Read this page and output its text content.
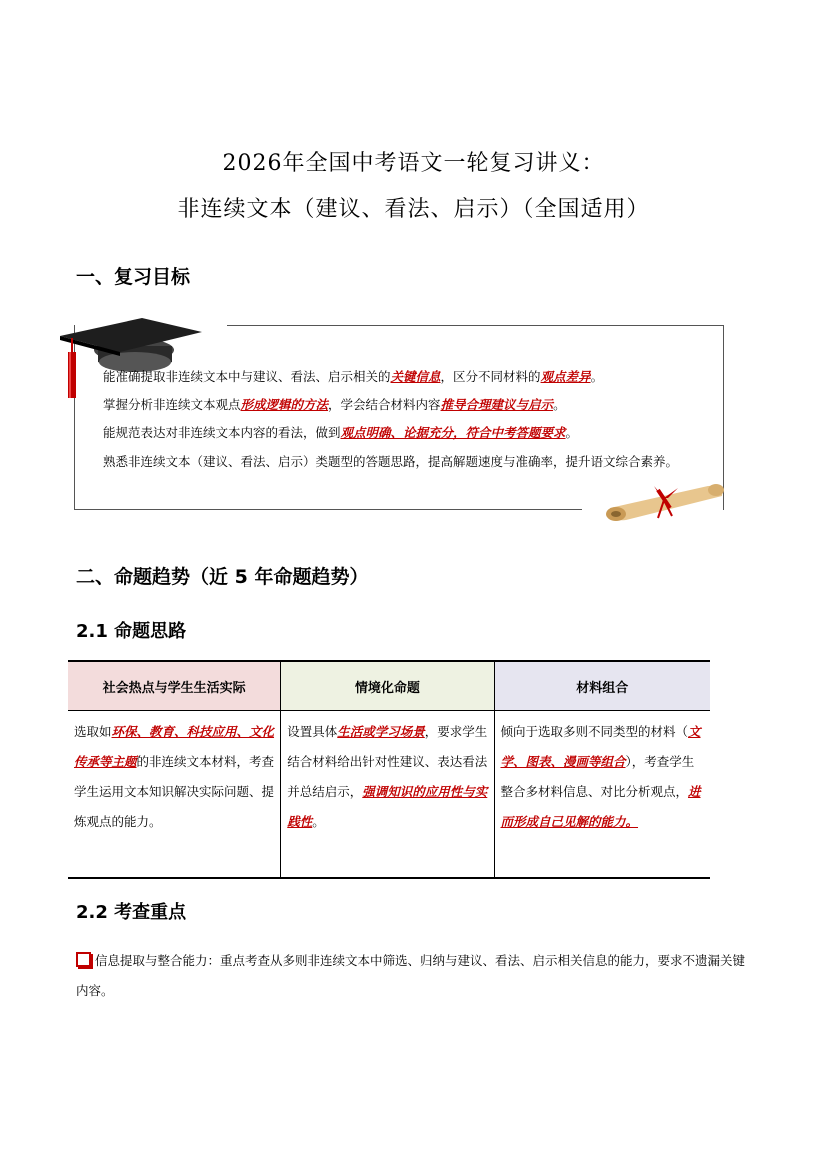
2026年全国中考语文一轮复习讲义：
非连续文本（建议、看法、启示）（全国适用）
一、复习目标
能准确提取非连续文本中与建议、看法、启示相关的关键信息，区分不同材料的观点差异。
掌握分析非连续文本观点形成逻辑的方法，学会结合材料内容推导合理建议与启示。
能规范表达对非连续文本内容的看法，做到观点明确、论据充分，符合中考答题要求。
熟悉非连续文本（建议、看法、启示）类题型的答题思路，提高解题速度与准确率，提升语文综合素养。
二、命题趋势（近 5 年命题趋势）
2.1 命题思路
社会热点与学生生活实际	情境化命题	材料组合
选取如环保、教育、科技应用、文化传承等主题的非连续文本材料，考查学生运用文本知识解决实际问题、提炼观点的能力。	设置具体生活或学习场景，要求学生结合材料给出针对性建议、表达看法并总结启示，强调知识的应用性与实践性。	倾向于选取多则不同类型的材料（文学、图表、漫画等组合），考查学生整合多材料信息、对比分析观点，进而形成自己见解的能力。
2.2 考查重点
信息提取与整合能力：重点考查从多则非连续文本中筛选、归纳与建议、看法、启示相关信息的能力，要求不遗漏关键内容。
